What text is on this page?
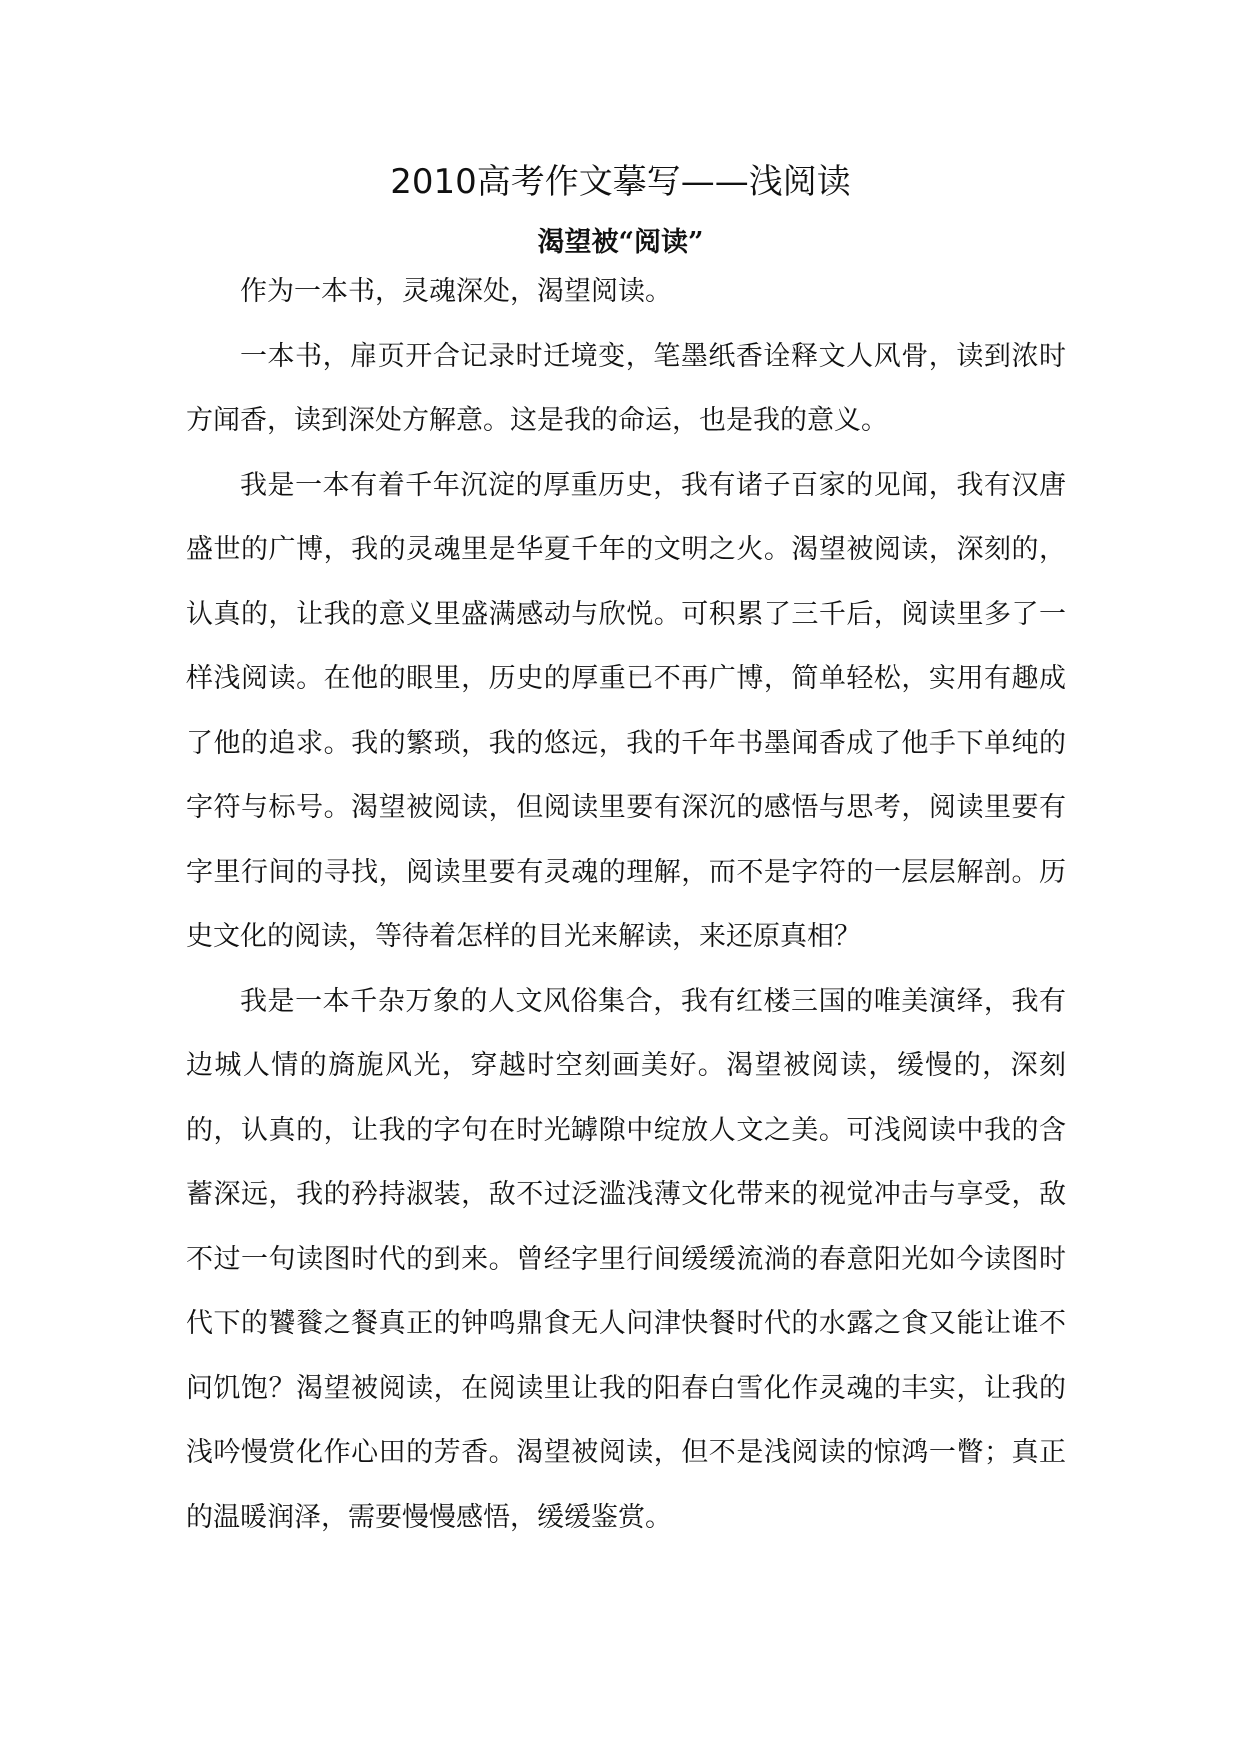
2010高考作文摹写——浅阅读
渴望被“阅读”

作为一本书，灵魂深处，渴望阅读。

一本书，扉页开合记录时迁境变，笔墨纸香诠释文人风骨，读到浓时方闻香，读到深处方解意。这是我的命运，也是我的意义。

我是一本有着千年沉淀的厚重历史，我有诸子百家的见闻，我有汉唐盛世的广博，我的灵魂里是华夏千年的文明之火。渴望被阅读，深刻的，认真的，让我的意义里盛满感动与欣悦。可积累了三千后，阅读里多了一样浅阅读。在他的眼里，历史的厚重已不再广博，简单轻松，实用有趣成了他的追求。我的繁琐，我的悠远，我的千年书墨闻香成了他手下单纯的字符与标号。渴望被阅读，但阅读里要有深沉的感悟与思考，阅读里要有字里行间的寻找，阅读里要有灵魂的理解，而不是字符的一层层解剖。历史文化的阅读，等待着怎样的目光来解读，来还原真相？

我是一本千杂万象的人文风俗集合，我有红楼三国的唯美演绎，我有边城人情的旖旎风光，穿越时空刻画美好。渴望被阅读，缓慢的，深刻的，认真的，让我的字句在时光罅隙中绽放人文之美。可浅阅读中我的含蓄深远，我的矜持淑装，敌不过泛滥浅薄文化带来的视觉冲击与享受，敌不过一句读图时代的到来。曾经字里行间缓缓流淌的春意阳光如今读图时代下的饕餮之餐真正的钟鸣鼎食无人问津快餐时代的水露之食又能让谁不问饥饱？渴望被阅读，在阅读里让我的阳春白雪化作灵魂的丰实，让我的浅吟慢赏化作心田的芳香。渴望被阅读，但不是浅阅读的惊鸿一瞥；真正的温暖润泽，需要慢慢感悟，缓缓鉴赏。
